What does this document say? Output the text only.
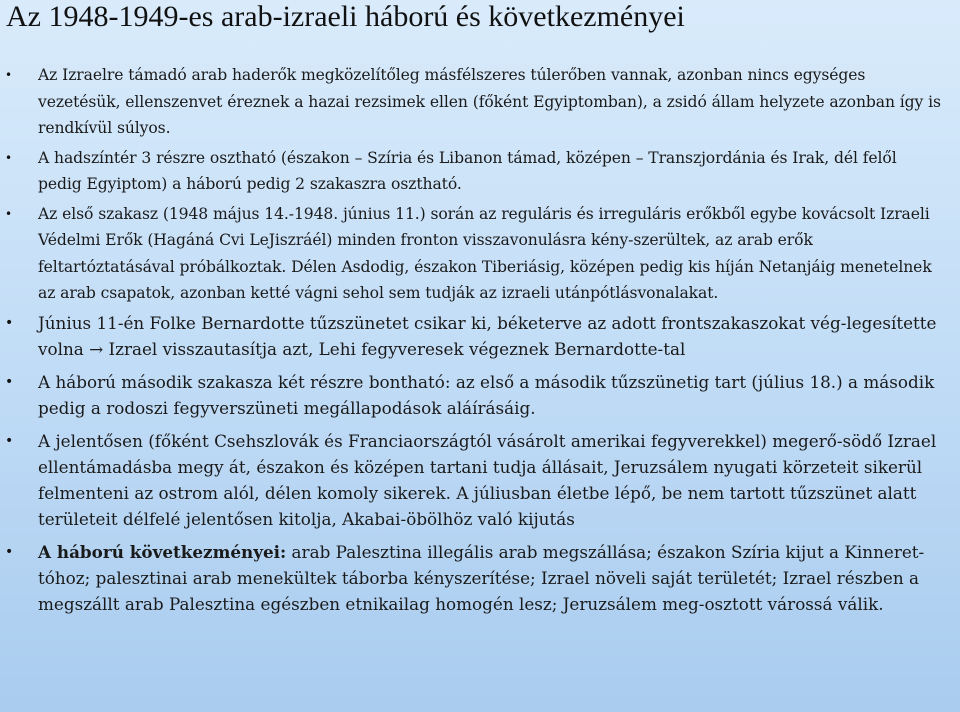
Az 1948-1949-es arab-izraeli háború és következményei
• Az Izraelre támadó arab haderők megközelítőleg másfélszeres túlerőben vannak, azonban nincs egységes vezetésük, ellenszenvet éreznek a hazai rezsimek ellen (főként Egyiptomban), a zsidó állam helyzete azonban így is rendkívül súlyos.
• A hadszíntér 3 részre osztható (északon – Szíria és Libanon támad, középen – Transzjordánia és Irak, dél felől pedig Egyiptom) a háború pedig 2 szakaszra osztható.
• Az első szakasz (1948 május 14.-1948. június 11.) során az reguláris és irreguláris erőkből egybe kovácsolt Izraeli Védelmi Erők (Hagáná Cvi LeJiszráél) minden fronton visszavonulásra kény-szerültek, az arab erők feltartóztatásával próbálkoztak. Délen Asdodig, északon Tiberiásig, középen pedig kis híján Netanjáig menetelnek az arab csapatok, azonban ketté vágni sehol sem tudják az izraeli utánpótlásvonalakat.
• Június 11-én Folke Bernardotte tűzszünetet csikar ki, béketerve az adott frontszakaszokat vég-legesítette volna → Izrael visszautasítja azt, Lehi fegyveresek végeznek Bernardotte-tal
• A háború második szakasza két részre bontható: az első a második tűzszünetig tart (július 18.) a második pedig a rodoszi fegyverszüneti megállapodások aláírásáig.
• A jelentősen (főként Csehszlovák és Franciaországtól vásárolt amerikai fegyverekkel) megerő-södő Izrael ellentámadásba megy át, északon és középen tartani tudja állásait, Jeruzsálem nyugati körzeteit sikerül felmenteni az ostrom alól, délen komoly sikerek. A júliusban életbe lépő, be nem tartott tűzszünet alatt területeit délfelé jelentősen kitolja, Akabai-öbölhöz való kijutás
• A háború következményei: arab Palesztina illegális arab megszállása; északon Szíria kijut a Kinneret-tóhoz; palesztinai arab menekültek táborba kényszerítése; Izrael növeli saját területét; Izrael részben a megszállt arab Palesztina egészben etnikailag homogén lesz; Jeruzsálem meg-osztott várossá válik.
